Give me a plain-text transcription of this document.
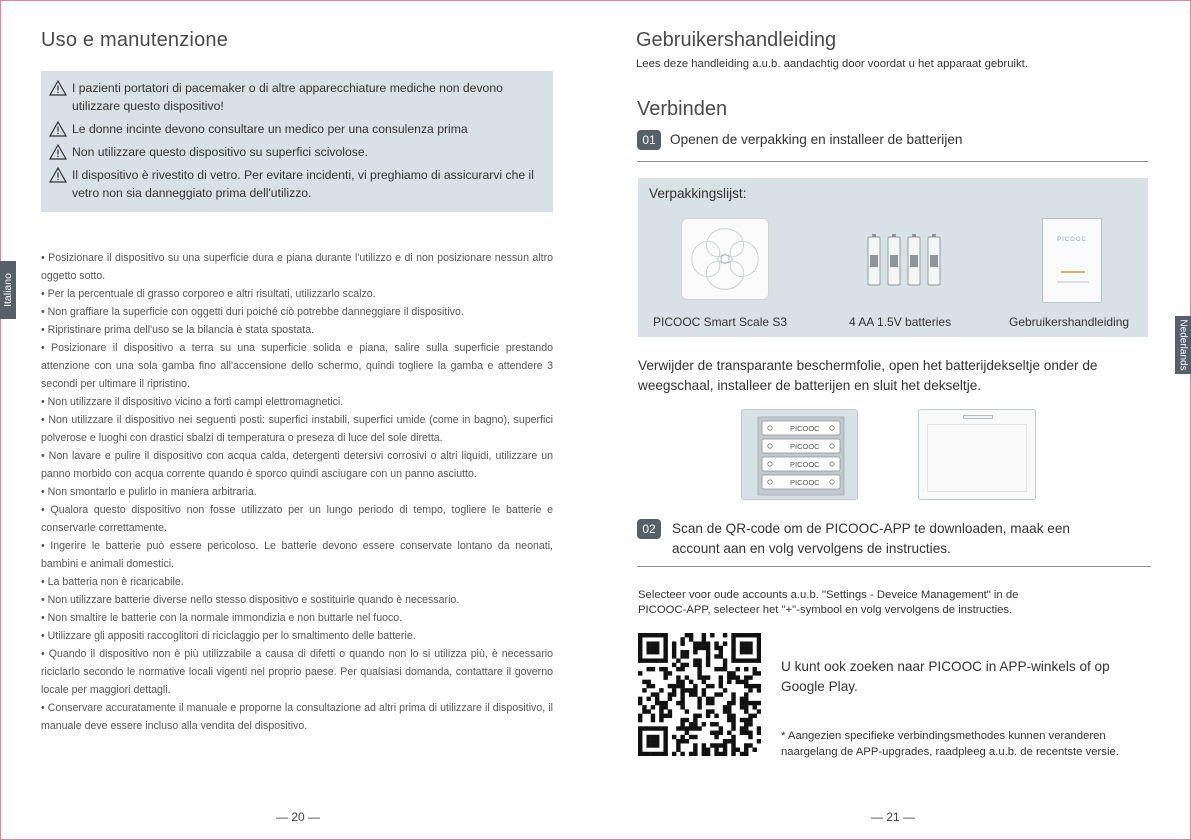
Uso e manutenzione
I pazienti portatori di pacemaker o di altre apparecchiature mediche non devono utilizzare questo dispositivo!
Le donne incinte devono consultare un medico per una consulenza prima
Non utilizzare questo dispositivo su superfici scivolose.
Il dispositivo è rivestito di vetro. Per evitare incidenti, vi preghiamo di assicurarvi che il vetro non sia danneggiato prima dell'utilizzo.
Italiano

• Posizionare il dispositivo su una superficie dura e piana durante l'utilizzo e di non posizionare nessun altro oggetto sotto.

• Per la percentuale di grasso corporeo e altri risultati, utilizzarlo scalzo.

• Non graffiare la superficie con oggetti duri poiché ciò potrebbe danneggiare il dispositivo.

• Ripristinare prima dell'uso se la bilancia è stata spostata.

• Posizionare il dispositivo a terra su una superficie solida e piana, salire sulla superficie prestando attenzione con una sola gamba fino all'accensione dello schermo, quindi togliere la gamba e attendere 3 secondi per ultimare il ripristino.

• Non utilizzare il dispositivo vicino a forti campi elettromagnetici.

• Non utilizzare il dispositivo nei seguenti posti: superfici instabili, superfici umide (come in bagno), superfici polverose e luoghi con drastici sbalzi di temperatura o preseza di luce del sole diretta.

• Non lavare e pulire il dispositivo con acqua calda, detergenti detersivi corrosivi o altri liquidi, utilizzare un panno morbido con acqua corrente quando è sporco quindi asciugare con un panno asciutto.

• Non smontarlo e pulirlo in maniera arbitraria.

• Qualora questo dispositivo non fosse utilizzato per un lungo periodo di tempo, togliere le batterie e conservarle correttamente.

• Ingerire le batterie può essere pericoloso. Le batterie devono essere conservate lontano da neonati, bambini e animali domestici.

• La batteria non è ricaricabile.

• Non utilizzare batterie diverse nello stesso dispositivo e sostituirle quando è necessario.

• Non smaltire le batterie con la normale immondizia e non buttarle nel fuoco.

• Utilizzare gli appositi raccoglitori di riciclaggio per lo smaltimento delle batterie.

• Quando il dispositivo non è più utilizzabile a causa di difetti o quando non lo si utilizza più, è necessario riciclarlo secondo le normative locali vigenti nel proprio paese. Per qualsiasi domanda, contattare il governo locale per maggiori dettagli.

• Conservare accuratamente il manuale e proporne la consultazione ad altri prima di utilizzare il dispositivo, il manuale deve essere incluso alla vendita del dispositivo.

— 20 —
Gebruikershandleiding
Lees deze handleiding a.u.b. aandachtig door voordat u het apparaat gebruikt.
Verbinden
01	Openen de verpakking en installeer de batterijen
Verpakkingslijst:
PICOOC
PICOOC Smart Scale S3	4 AA 1.5V batteries	Gebruikershandleiding
Verwijder de transparante beschermfolie, open het batterijdekseltje onder de weegschaal, installeer de batterijen en sluit het dekseltje.
PICOOC
PICOOC
PICOOC
PICOOC
02	Scan de QR-code om de PICOOC-APP te downloaden, maak een
account aan en volg vervolgens de instructies.
Selecteer voor oude accounts a.u.b. "Settings - Deveice Management" in de
PICOOC-APP, selecteer het "+"-symbool en volg vervolgens de instructies.
U kunt ook zoeken naar PICOOC in APP-winkels of op
Google Play.
* Aangezien specifieke verbindingsmethodes kunnen veranderen
naargelang de APP-upgrades, raadpleeg a.u.b. de recentste versie.
Nederlands
— 21 —
